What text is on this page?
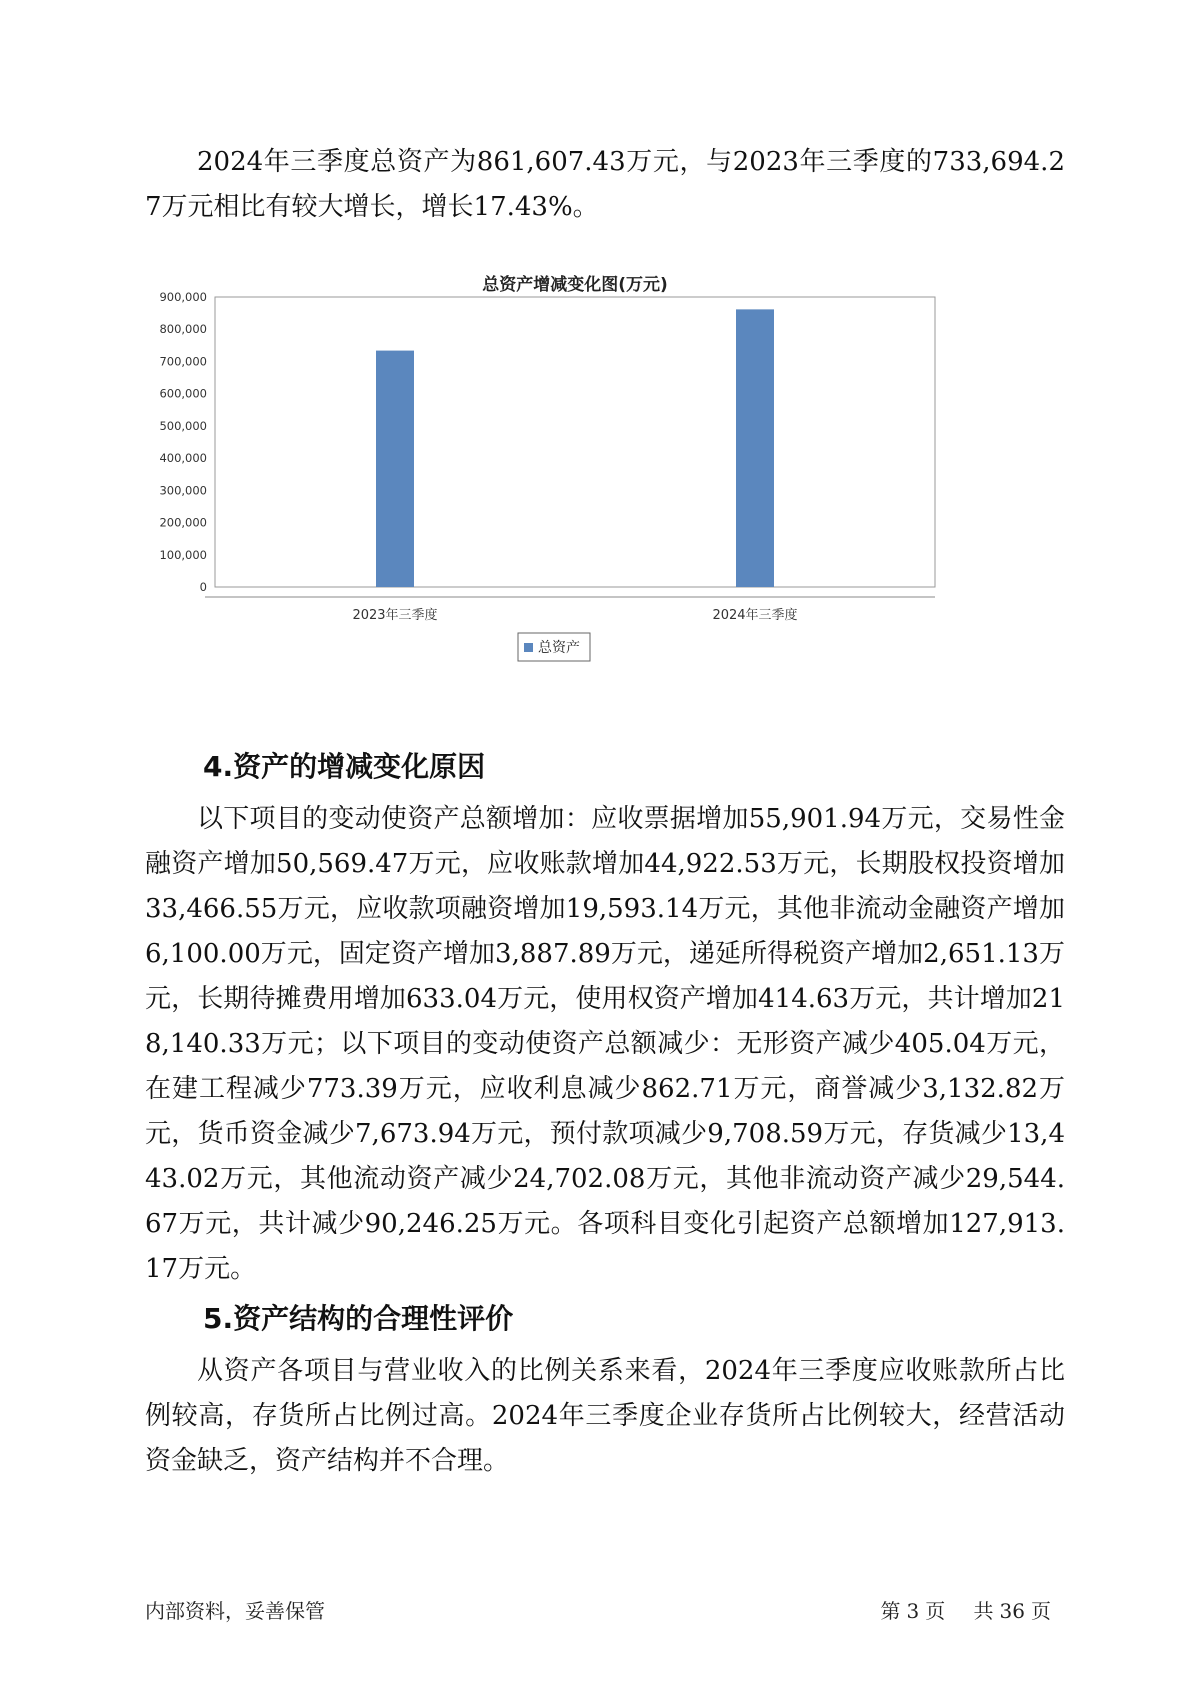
2024年三季度总资产为861,607.43万元，与2023年三季度的733,694.27万元相比有较大增长，增长17.43%。

总资产增减变化图(万元)
0
100,000
200,000
300,000
400,000
500,000
600,000
700,000
800,000
900,000
2023年三季度	2024年三季度
总资产

4.资产的增减变化原因

以下项目的变动使资产总额增加：应收票据增加55,901.94万元，交易性金融资产增加50,569.47万元，应收账款增加44,922.53万元，长期股权投资增加33,466.55万元，应收款项融资增加19,593.14万元，其他非流动金融资产增加6,100.00万元，固定资产增加3,887.89万元，递延所得税资产增加2,651.13万元，长期待摊费用增加633.04万元，使用权资产增加414.63万元，共计增加218,140.33万元；以下项目的变动使资产总额减少：无形资产减少405.04万元，在建工程减少773.39万元，应收利息减少862.71万元，商誉减少3,132.82万元，货币资金减少7,673.94万元，预付款项减少9,708.59万元，存货减少13,443.02万元，其他流动资产减少24,702.08万元，其他非流动资产减少29,544.67万元，共计减少90,246.25万元。各项科目变化引起资产总额增加127,913.17万元。

5.资产结构的合理性评价

从资产各项目与营业收入的比例关系来看，2024年三季度应收账款所占比例较高，存货所占比例过高。2024年三季度企业存货所占比例较大，经营活动资金缺乏，资产结构并不合理。

内部资料，妥善保管	第 3 页 共 36 页
